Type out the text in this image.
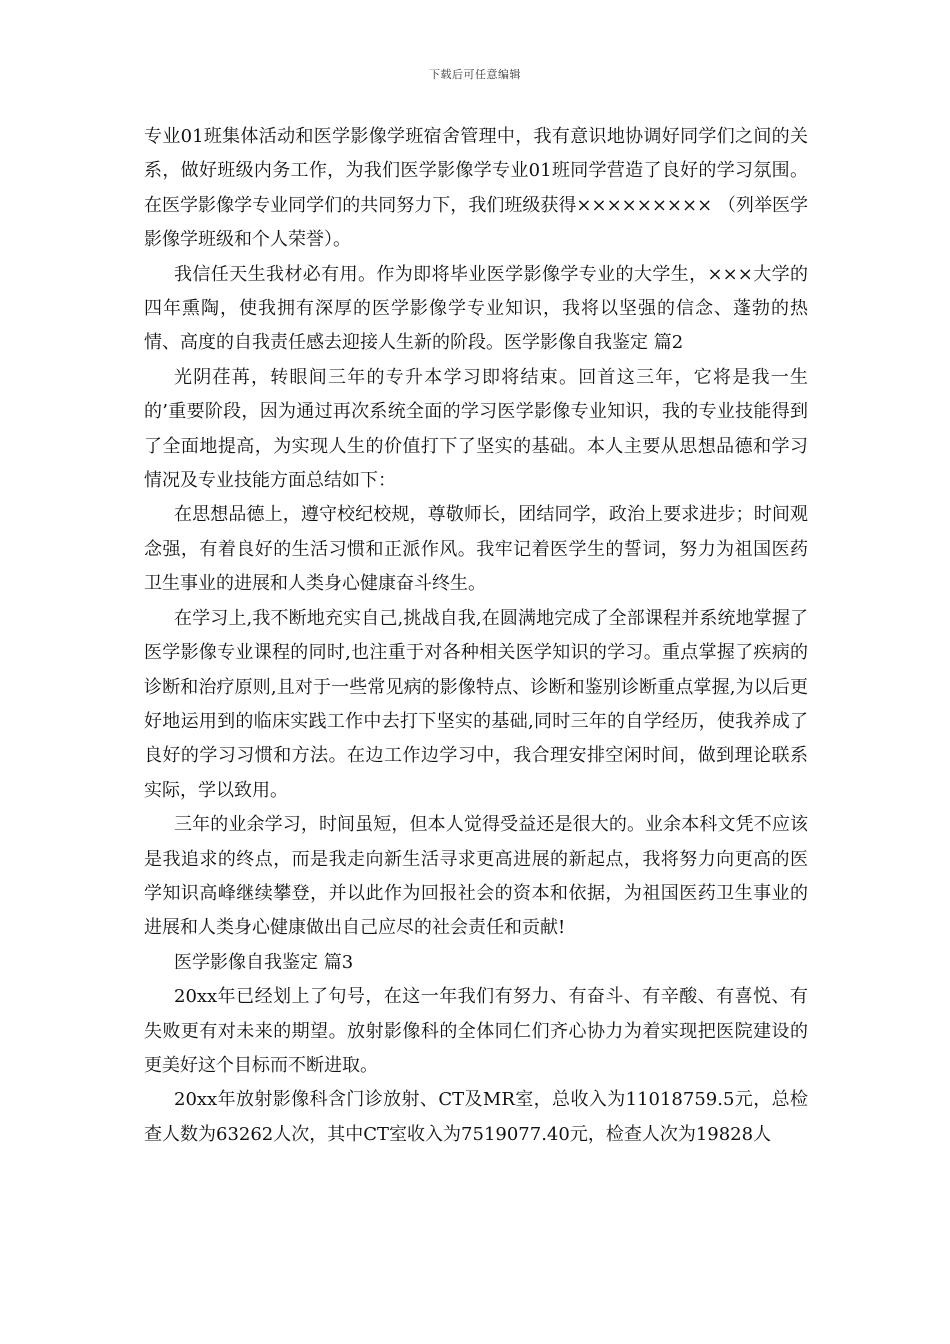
下载后可任意编辑

专业01班集体活动和医学影像学班宿舍管理中，我有意识地协调好同学们之间的关系，做好班级内务工作，为我们医学影像学专业01班同学营造了良好的学习氛围。在医学影像学专业同学们的共同努力下，我们班级获得××××××××× （列举医学影像学班级和个人荣誉）。

我信任天生我材必有用。作为即将毕业医学影像学专业的大学生，×××大学的四年熏陶，使我拥有深厚的医学影像学专业知识，我将以坚强的信念、蓬勃的热情、高度的自我责任感去迎接人生新的阶段。医学影像自我鉴定 篇2

光阴荏苒，转眼间三年的专升本学习即将结束。回首这三年，它将是我一生的’重要阶段，因为通过再次系统全面的学习医学影像专业知识，我的专业技能得到了全面地提高，为实现人生的价值打下了坚实的基础。本人主要从思想品德和学习情况及专业技能方面总结如下：

在思想品德上，遵守校纪校规，尊敬师长，团结同学，政治上要求进步；时间观念强，有着良好的生活习惯和正派作风。我牢记着医学生的誓词，努力为祖国医药卫生事业的进展和人类身心健康奋斗终生。

在学习上,我不断地充实自己,挑战自我,在圆满地完成了全部课程并系统地掌握了医学影像专业课程的同时,也注重于对各种相关医学知识的学习。重点掌握了疾病的诊断和治疗原则,且对于一些常见病的影像特点、诊断和鉴别诊断重点掌握,为以后更好地运用到的临床实践工作中去打下坚实的基础,同时三年的自学经历，使我养成了良好的学习习惯和方法。在边工作边学习中，我合理安排空闲时间，做到理论联系实际，学以致用。

三年的业余学习，时间虽短，但本人觉得受益还是很大的。业余本科文凭不应该是我追求的终点，而是我走向新生活寻求更高进展的新起点，我将努力向更高的医学知识高峰继续攀登，并以此作为回报社会的资本和依据，为祖国医药卫生事业的进展和人类身心健康做出自己应尽的社会责任和贡献!

医学影像自我鉴定 篇3

20xx年已经划上了句号，在这一年我们有努力、有奋斗、有辛酸、有喜悦、有失败更有对未来的期望。放射影像科的全体同仁们齐心协力为着实现把医院建设的更美好这个目标而不断进取。

20xx年放射影像科含门诊放射、CT及MR室，总收入为11018759.5元，总检查人数为63262人次，其中CT室收入为7519077.40元，检查人次为19828人
